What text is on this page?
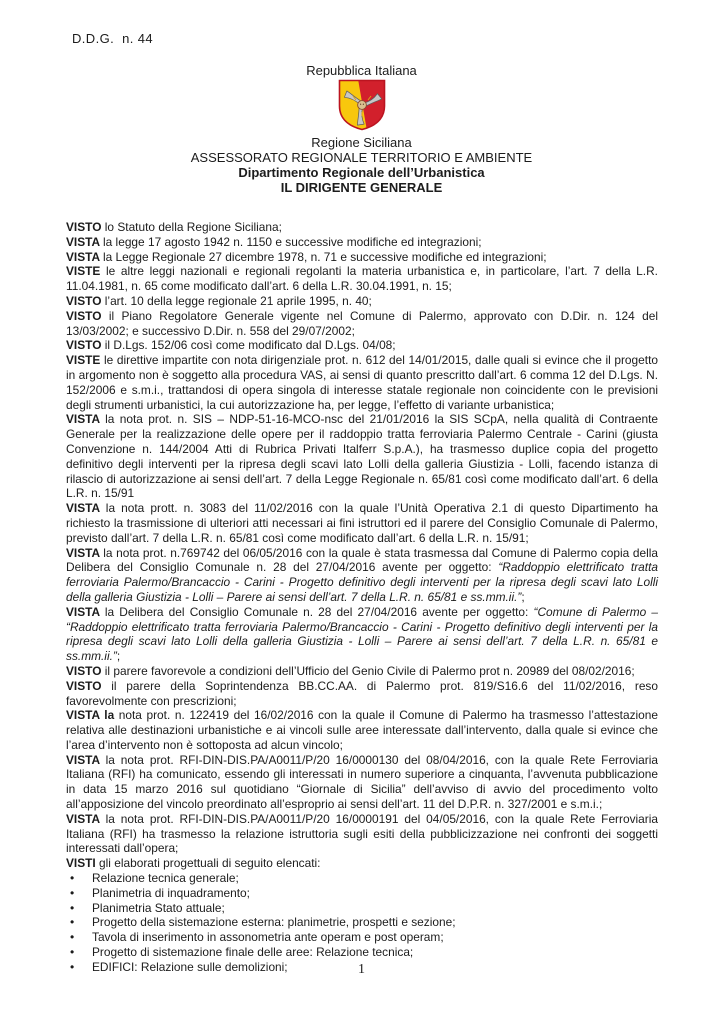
D.D.G.  n. 44
Repubblica Italiana
Regione Siciliana
ASSESSORATO REGIONALE TERRITORIO E AMBIENTE
Dipartimento Regionale dell’Urbanistica
IL DIRIGENTE GENERALE

VISTO lo Statuto della Regione Siciliana;

VISTA la legge 17 agosto 1942 n. 1150 e successive modifiche ed integrazioni;

VISTA la Legge Regionale 27 dicembre 1978, n. 71 e successive modifiche ed integrazioni;

VISTE le altre leggi nazionali e regionali regolanti la materia urbanistica e, in particolare, l’art. 7 della L.R. 11.04.1981, n. 65 come modificato dall’art. 6 della L.R. 30.04.1991, n. 15;

VISTO l’art. 10 della legge regionale 21 aprile 1995, n. 40;

VISTO il Piano Regolatore Generale vigente nel Comune di Palermo, approvato con D.Dir. n. 124 del 13/03/2002; e successivo D.Dir. n. 558 del 29/07/2002;

VISTO il D.Lgs. 152/06 così come modificato dal D.Lgs. 04/08;

VISTE le direttive impartite con nota dirigenziale prot. n. 612 del 14/01/2015, dalle quali si evince che il progetto in argomento non è soggetto alla procedura VAS, ai sensi di quanto prescritto dall’art. 6 comma 12 del D.Lgs. N. 152/2006 e s.m.i., trattandosi di opera singola di interesse statale regionale non coincidente con le previsioni degli strumenti urbanistici, la cui autorizzazione ha, per legge, l’effetto di variante urbanistica;

VISTA la nota prot. n. SIS – NDP-51-16-MCO-nsc del 21/01/2016 la SIS SCpA, nella qualità di Contraente Generale per la realizzazione delle opere per il raddoppio tratta ferroviaria Palermo Centrale - Carini (giusta Convenzione n. 144/2004 Atti di Rubrica Privati Italferr S.p.A.), ha trasmesso duplice copia del progetto definitivo degli interventi per la ripresa degli scavi lato Lolli della galleria Giustizia - Lolli, facendo istanza di rilascio di autorizzazione ai sensi dell’art. 7 della Legge Regionale n. 65/81 così come modificato dall’art. 6 della L.R. n. 15/91

VISTA la nota prott. n. 3083 del 11/02/2016 con la quale l’Unità Operativa 2.1 di questo Dipartimento ha richiesto la trasmissione di ulteriori atti necessari ai fini istruttori ed il parere del Consiglio Comunale di Palermo, previsto dall’art. 7 della L.R. n. 65/81 così come modificato dall’art. 6 della L.R. n. 15/91;

VISTA la nota prot. n.769742 del 06/05/2016 con la quale è stata trasmessa dal Comune di Palermo copia della Delibera del Consiglio Comunale n. 28 del 27/04/2016 avente per oggetto: “Raddoppio elettrificato tratta ferroviaria Palermo/Brancaccio - Carini - Progetto definitivo degli interventi per la ripresa degli scavi lato Lolli della galleria Giustizia - Lolli – Parere ai sensi dell’art. 7 della L.R. n. 65/81 e ss.mm.ii.”;

VISTA la Delibera del Consiglio Comunale n. 28 del 27/04/2016 avente per oggetto: “Comune di Palermo – “Raddoppio elettrificato tratta ferroviaria Palermo/Brancaccio - Carini - Progetto definitivo degli interventi per la ripresa degli scavi lato Lolli della galleria Giustizia - Lolli – Parere ai sensi dell’art. 7 della L.R. n. 65/81 e ss.mm.ii.”;

VISTO il parere favorevole a condizioni dell’Ufficio del Genio Civile di Palermo prot n. 20989 del 08/02/2016;

VISTO il parere della Soprintendenza BB.CC.AA. di Palermo prot. 819/S16.6 del 11/02/2016, reso favorevolmente con prescrizioni;

VISTA la nota prot. n. 122419 del 16/02/2016 con la quale il Comune di Palermo ha trasmesso l’attestazione relativa alle destinazioni urbanistiche e ai vincoli sulle aree interessate dall’intervento, dalla quale si evince che l’area d’intervento non è sottoposta ad alcun vincolo;

VISTA la nota prot. RFI-DIN-DIS.PA/A0011/P/20 16/0000130 del 08/04/2016, con la quale Rete Ferroviaria Italiana (RFI) ha comunicato, essendo gli interessati in numero superiore a cinquanta, l’avvenuta pubblicazione in data 15 marzo 2016 sul quotidiano “Giornale di Sicilia” dell’avviso di avvio del procedimento volto all’apposizione del vincolo preordinato all’esproprio ai sensi dell’art. 11 del D.P.R. n. 327/2001 e s.m.i.;

VISTA la nota prot. RFI-DIN-DIS.PA/A0011/P/20 16/0000191 del 04/05/2016, con la quale Rete Ferroviaria Italiana (RFI) ha trasmesso la relazione istruttoria sugli esiti della pubblicizzazione nei confronti dei soggetti interessati dall’opera;

VISTI gli elaborati progettuali di seguito elencati:

• Relazione tecnica generale;
• Planimetria di inquadramento;
• Planimetria Stato attuale;
• Progetto della sistemazione esterna: planimetrie, prospetti e sezione;
• Tavola di inserimento in assonometria ante operam e post operam;
• Progetto di sistemazione finale delle aree: Relazione tecnica;
• EDIFICI: Relazione sulle demolizioni;	1
